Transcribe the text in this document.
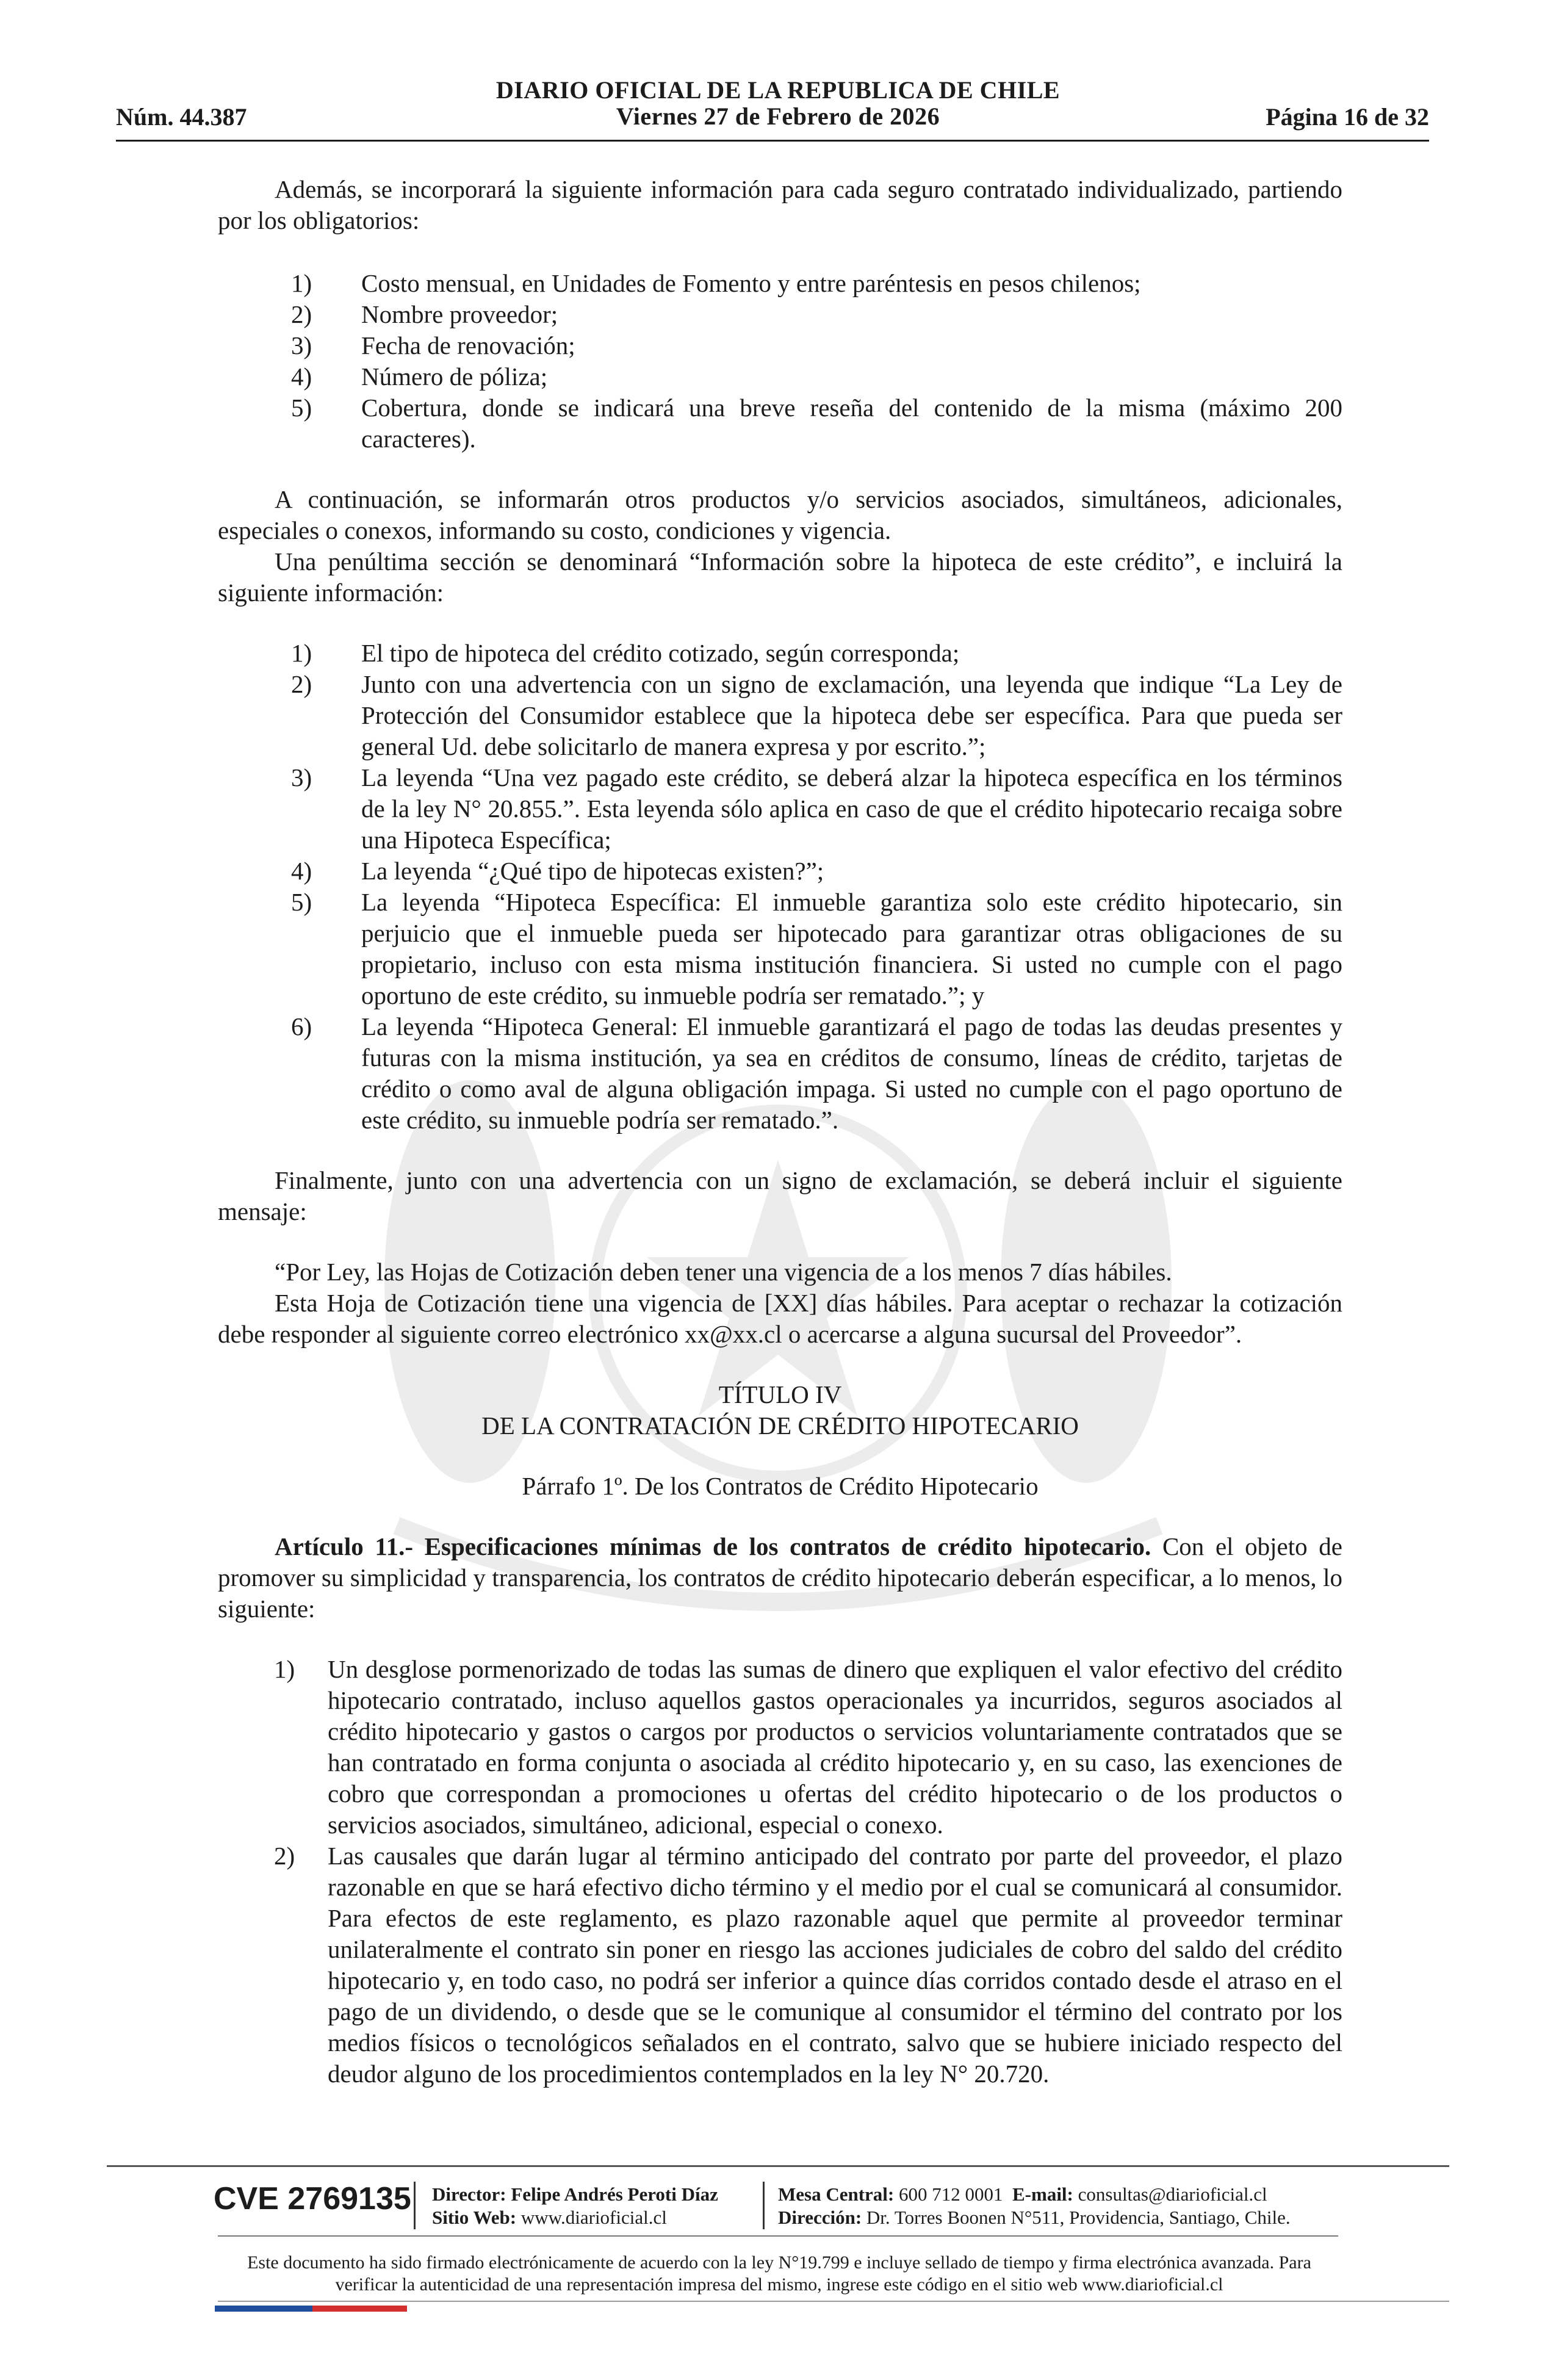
DIARIO OFICIAL DE LA REPUBLICA DE CHILE
Viernes 27 de Febrero de 2026
Núm. 44.387	Página 16 de 32

Además, se incorporará la siguiente información para cada seguro contratado individualizado, partiendo por los obligatorios:

1) Costo mensual, en Unidades de Fomento y entre paréntesis en pesos chilenos;
2) Nombre proveedor;
3) Fecha de renovación;
4) Número de póliza;
5) Cobertura, donde se indicará una breve reseña del contenido de la misma (máximo 200 caracteres).

A continuación, se informarán otros productos y/o servicios asociados, simultáneos, adicionales, especiales o conexos, informando su costo, condiciones y vigencia.

Una penúltima sección se denominará “Información sobre la hipoteca de este crédito”, e incluirá la siguiente información:

1) El tipo de hipoteca del crédito cotizado, según corresponda;
2) Junto con una advertencia con un signo de exclamación, una leyenda que indique “La Ley de Protección del Consumidor establece que la hipoteca debe ser específica. Para que pueda ser general Ud. debe solicitarlo de manera expresa y por escrito.”;
3) La leyenda “Una vez pagado este crédito, se deberá alzar la hipoteca específica en los términos de la ley N° 20.855.”. Esta leyenda sólo aplica en caso de que el crédito hipotecario recaiga sobre una Hipoteca Específica;
4) La leyenda “¿Qué tipo de hipotecas existen?”;
5) La leyenda “Hipoteca Específica: El inmueble garantiza solo este crédito hipotecario, sin perjuicio que el inmueble pueda ser hipotecado para garantizar otras obligaciones de su propietario, incluso con esta misma institución financiera. Si usted no cumple con el pago oportuno de este crédito, su inmueble podría ser rematado.”; y
6) La leyenda “Hipoteca General: El inmueble garantizará el pago de todas las deudas presentes y futuras con la misma institución, ya sea en créditos de consumo, líneas de crédito, tarjetas de crédito o como aval de alguna obligación impaga. Si usted no cumple con el pago oportuno de este crédito, su inmueble podría ser rematado.”.

Finalmente, junto con una advertencia con un signo de exclamación, se deberá incluir el siguiente mensaje:

“Por Ley, las Hojas de Cotización deben tener una vigencia de a los menos 7 días hábiles.

Esta Hoja de Cotización tiene una vigencia de [XX] días hábiles. Para aceptar o rechazar la cotización debe responder al siguiente correo electrónico xx@xx.cl o acercarse a alguna sucursal del Proveedor”.

TÍTULO IV

DE LA CONTRATACIÓN DE CRÉDITO HIPOTECARIO

Párrafo 1º. De los Contratos de Crédito Hipotecario

Artículo 11.- Especificaciones mínimas de los contratos de crédito hipotecario. Con el objeto de promover su simplicidad y transparencia, los contratos de crédito hipotecario deberán especificar, a lo menos, lo siguiente:

1) Un desglose pormenorizado de todas las sumas de dinero que expliquen el valor efectivo del crédito hipotecario contratado, incluso aquellos gastos operacionales ya incurridos, seguros asociados al crédito hipotecario y gastos o cargos por productos o servicios voluntariamente contratados que se han contratado en forma conjunta o asociada al crédito hipotecario y, en su caso, las exenciones de cobro que correspondan a promociones u ofertas del crédito hipotecario o de los productos o servicios asociados, simultáneo, adicional, especial o conexo.
2) Las causales que darán lugar al término anticipado del contrato por parte del proveedor, el plazo razonable en que se hará efectivo dicho término y el medio por el cual se comunicará al consumidor. Para efectos de este reglamento, es plazo razonable aquel que permite al proveedor terminar unilateralmente el contrato sin poner en riesgo las acciones judiciales de cobro del saldo del crédito hipotecario y, en todo caso, no podrá ser inferior a quince días corridos contado desde el atraso en el pago de un dividendo, o desde que se le comunique al consumidor el término del contrato por los medios físicos o tecnológicos señalados en el contrato, salvo que se hubiere iniciado respecto del deudor alguno de los procedimientos contemplados en la ley N° 20.720.
CVE 2769135 Director: Felipe Andrés Peroti Díaz
Sitio Web: www.diarioficial.cl
Mesa Central: 600 712 0001 E-mail: consultas@diarioficial.cl
Dirección: Dr. Torres Boonen N°511, Providencia, Santiago, Chile.
Este documento ha sido firmado electrónicamente de acuerdo con la ley N°19.799 e incluye sellado de tiempo y firma electrónica avanzada. Para verificar la autenticidad de una representación impresa del mismo, ingrese este código en el sitio web www.diarioficial.cl
